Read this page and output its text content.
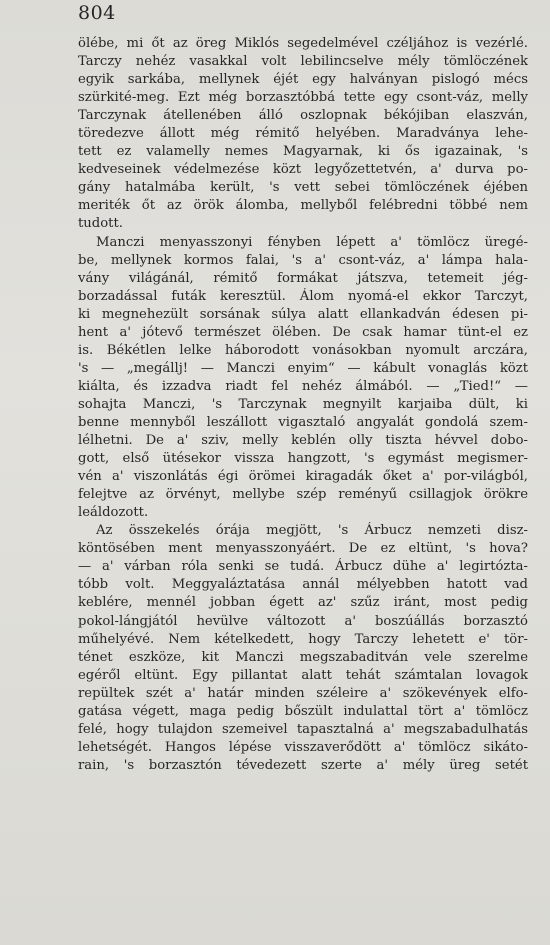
804
ölébe, mi őt az öreg Miklós segedelmével czéljához is vezérlé.
Tarczy nehéz vasakkal volt lebilincselve mély tömlöczének
egyik sarkába, mellynek éjét egy halványan pislogó mécs
szürkité-meg. Ezt még borzasztóbbá tette egy csont-váz, melly
Tarczynak átellenében álló oszlopnak békójiban elaszván,
töredezve állott még rémitő helyében. Maradványa lehe-
tett ez valamelly nemes Magyarnak, ki ős igazainak, 's
kedveseinek védelmezése közt legyőzettetvén, a' durva po-
gány hatalmába került, 's vett sebei tömlöczének éjében
meriték őt az örök álomba, mellyből felébredni többé nem
tudott.
Manczi menyasszonyi fényben lépett a' tömlöcz üregé-
be, mellynek kormos falai, 's a' csont-váz, a' lámpa hala-
vány világánál, rémitő formákat játszva, tetemeit jég-
borzadással futák keresztül. Álom nyomá-el ekkor Tarczyt,
ki megnehezült sorsának súlya alatt ellankadván édesen pi-
hent a' jótevő természet ölében. De csak hamar tünt-el ez
is. Békétlen lelke háborodott vonásokban nyomult arczára,
's — „megállj! — Manczi enyim“ — kábult vonaglás közt
kiálta, és izzadva riadt fel nehéz álmából. — „Tied!“ —
sohajta Manczi, 's Tarczynak megnyilt karjaiba dült, ki
benne mennyből leszállott vigasztaló angyalát gondolá szem-
lélhetni. De a' sziv, melly keblén olly tiszta hévvel dobo-
gott, első ütésekor vissza hangzott, 's egymást megismer-
vén a' viszonlátás égi örömei kiragadák őket a' por-világból,
felejtve az örvényt, mellybe szép reményű csillagjok örökre
leáldozott.
Az összekelés órája megjött, 's Árbucz nemzeti disz-
köntösében ment menyasszonyáért. De ez eltünt, 's hova?
— a' várban róla senki se tudá. Árbucz dühe a' legirtózta-
tóbb volt. Meggyaláztatása annál mélyebben hatott vad
keblére, mennél jobban égett az' szűz iránt, most pedig
pokol-lángjától hevülve változott a' boszúállás borzasztó
műhelyévé. Nem kételkedett, hogy Tarczy lehetett e' tör-
ténet eszköze, kit Manczi megszabaditván vele szerelme
egéről eltünt. Egy pillantat alatt tehát számtalan lovagok
repültek szét a' határ minden széleire a' szökevények elfo-
gatása végett, maga pedig bőszült indulattal tört a' tömlöcz
felé, hogy tulajdon szemeivel tapasztalná a' megszabadulhatás
lehetségét. Hangos lépése visszaverődött a' tömlöcz sikáto-
rain, 's borzasztón tévedezett szerte a' mély üreg setét
